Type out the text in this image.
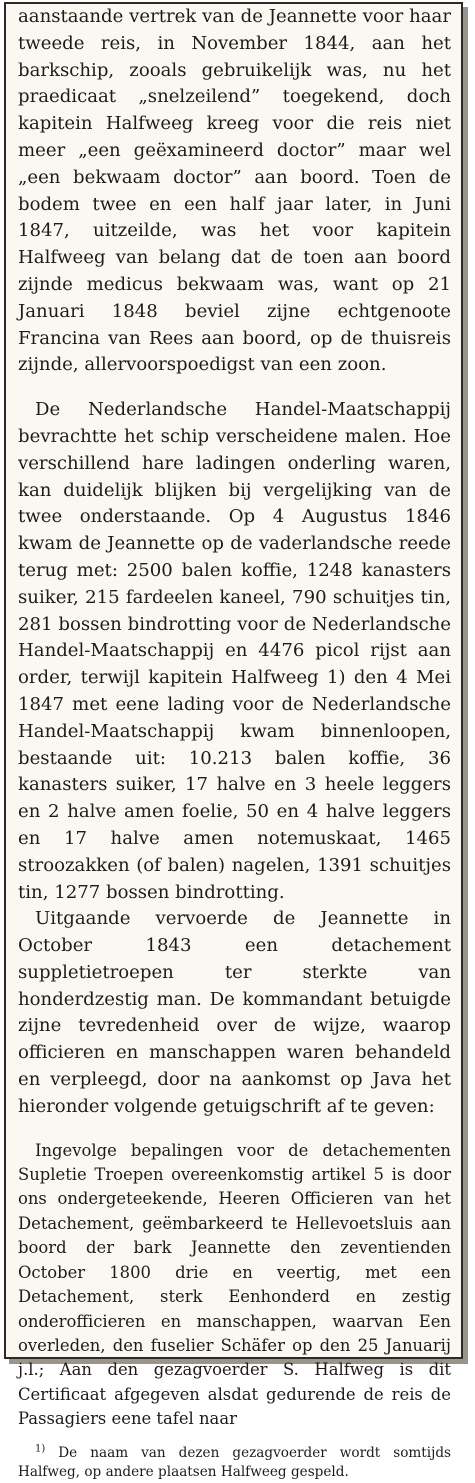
aanstaande vertrek van de Jeannette voor haar tweede reis, in November 1844, aan het barkschip, zooals gebruikelijk was, nu het praedicaat „snelzeilend” toegekend, doch kapitein Halfweeg kreeg voor die reis niet meer „een geëxamineerd doctor” maar wel „een bekwaam doctor” aan boord. Toen de bodem twee en een half jaar later, in Juni 1847, uitzeilde, was het voor kapitein Halfweeg van belang dat de toen aan boord zijnde medicus bekwaam was, want op 21 Januari 1848 beviel zijne echtgenoote Francina van Rees aan boord, op de thuisreis zijnde, allervoorspoedigst van een zoon.

De Nederlandsche Handel-Maatschappij bevrachtte het schip verscheidene malen. Hoe verschillend hare ladingen onderling waren, kan duidelijk blijken bij vergelijking van de twee onderstaande. Op 4 Augustus 1846 kwam de Jeannette op de vaderlandsche reede terug met: 2500 balen koffie, 1248 kanasters suiker, 215 fardeelen kaneel, 790 schuitjes tin, 281 bossen bindrotting voor de Nederlandsche Handel-Maatschappij en 4476 picol rijst aan order, terwijl kapitein Halfweeg 1) den 4 Mei 1847 met eene lading voor de Nederlandsche Handel-Maatschappij kwam binnenloopen, bestaande uit: 10.213 balen koffie, 36 kanasters suiker, 17 halve en 3 heele leggers en 2 halve amen foelie, 50 en 4 halve leggers en 17 halve amen notemuskaat, 1465 stroozakken (of balen) nagelen, 1391 schuitjes tin, 1277 bossen bindrotting.

Uitgaande vervoerde de Jeannette in October 1843 een detachement suppletietroepen ter sterkte van honderdzestig man. De kommandant betuigde zijne tevredenheid over de wijze, waarop officieren en manschappen waren behandeld en verpleegd, door na aankomst op Java het hieronder volgende getuigschrift af te geven:

Ingevolge bepalingen voor de detachementen Supletie Troepen overeenkomstig artikel 5 is door ons ondergeteekende, Heeren Officieren van het Detachement, geëmbarkeerd te Hellevoetsluis aan boord der bark Jeannette den zeventienden October 1800 drie en veertig, met een Detachement, sterk Eenhonderd en zestig onderofficieren en manschappen, waarvan Een overleden, den fuselier Schäfer op den 25 Januarij j.l.; Aan den gezagvoerder S. Halfweg is dit Certificaat afgegeven alsdat gedurende de reis de Passagiers eene tafel naar

$^{1)}$ De naam van dezen gezagvoerder wordt somtijds Halfweg, op andere plaatsen Halfweeg gespeld.
